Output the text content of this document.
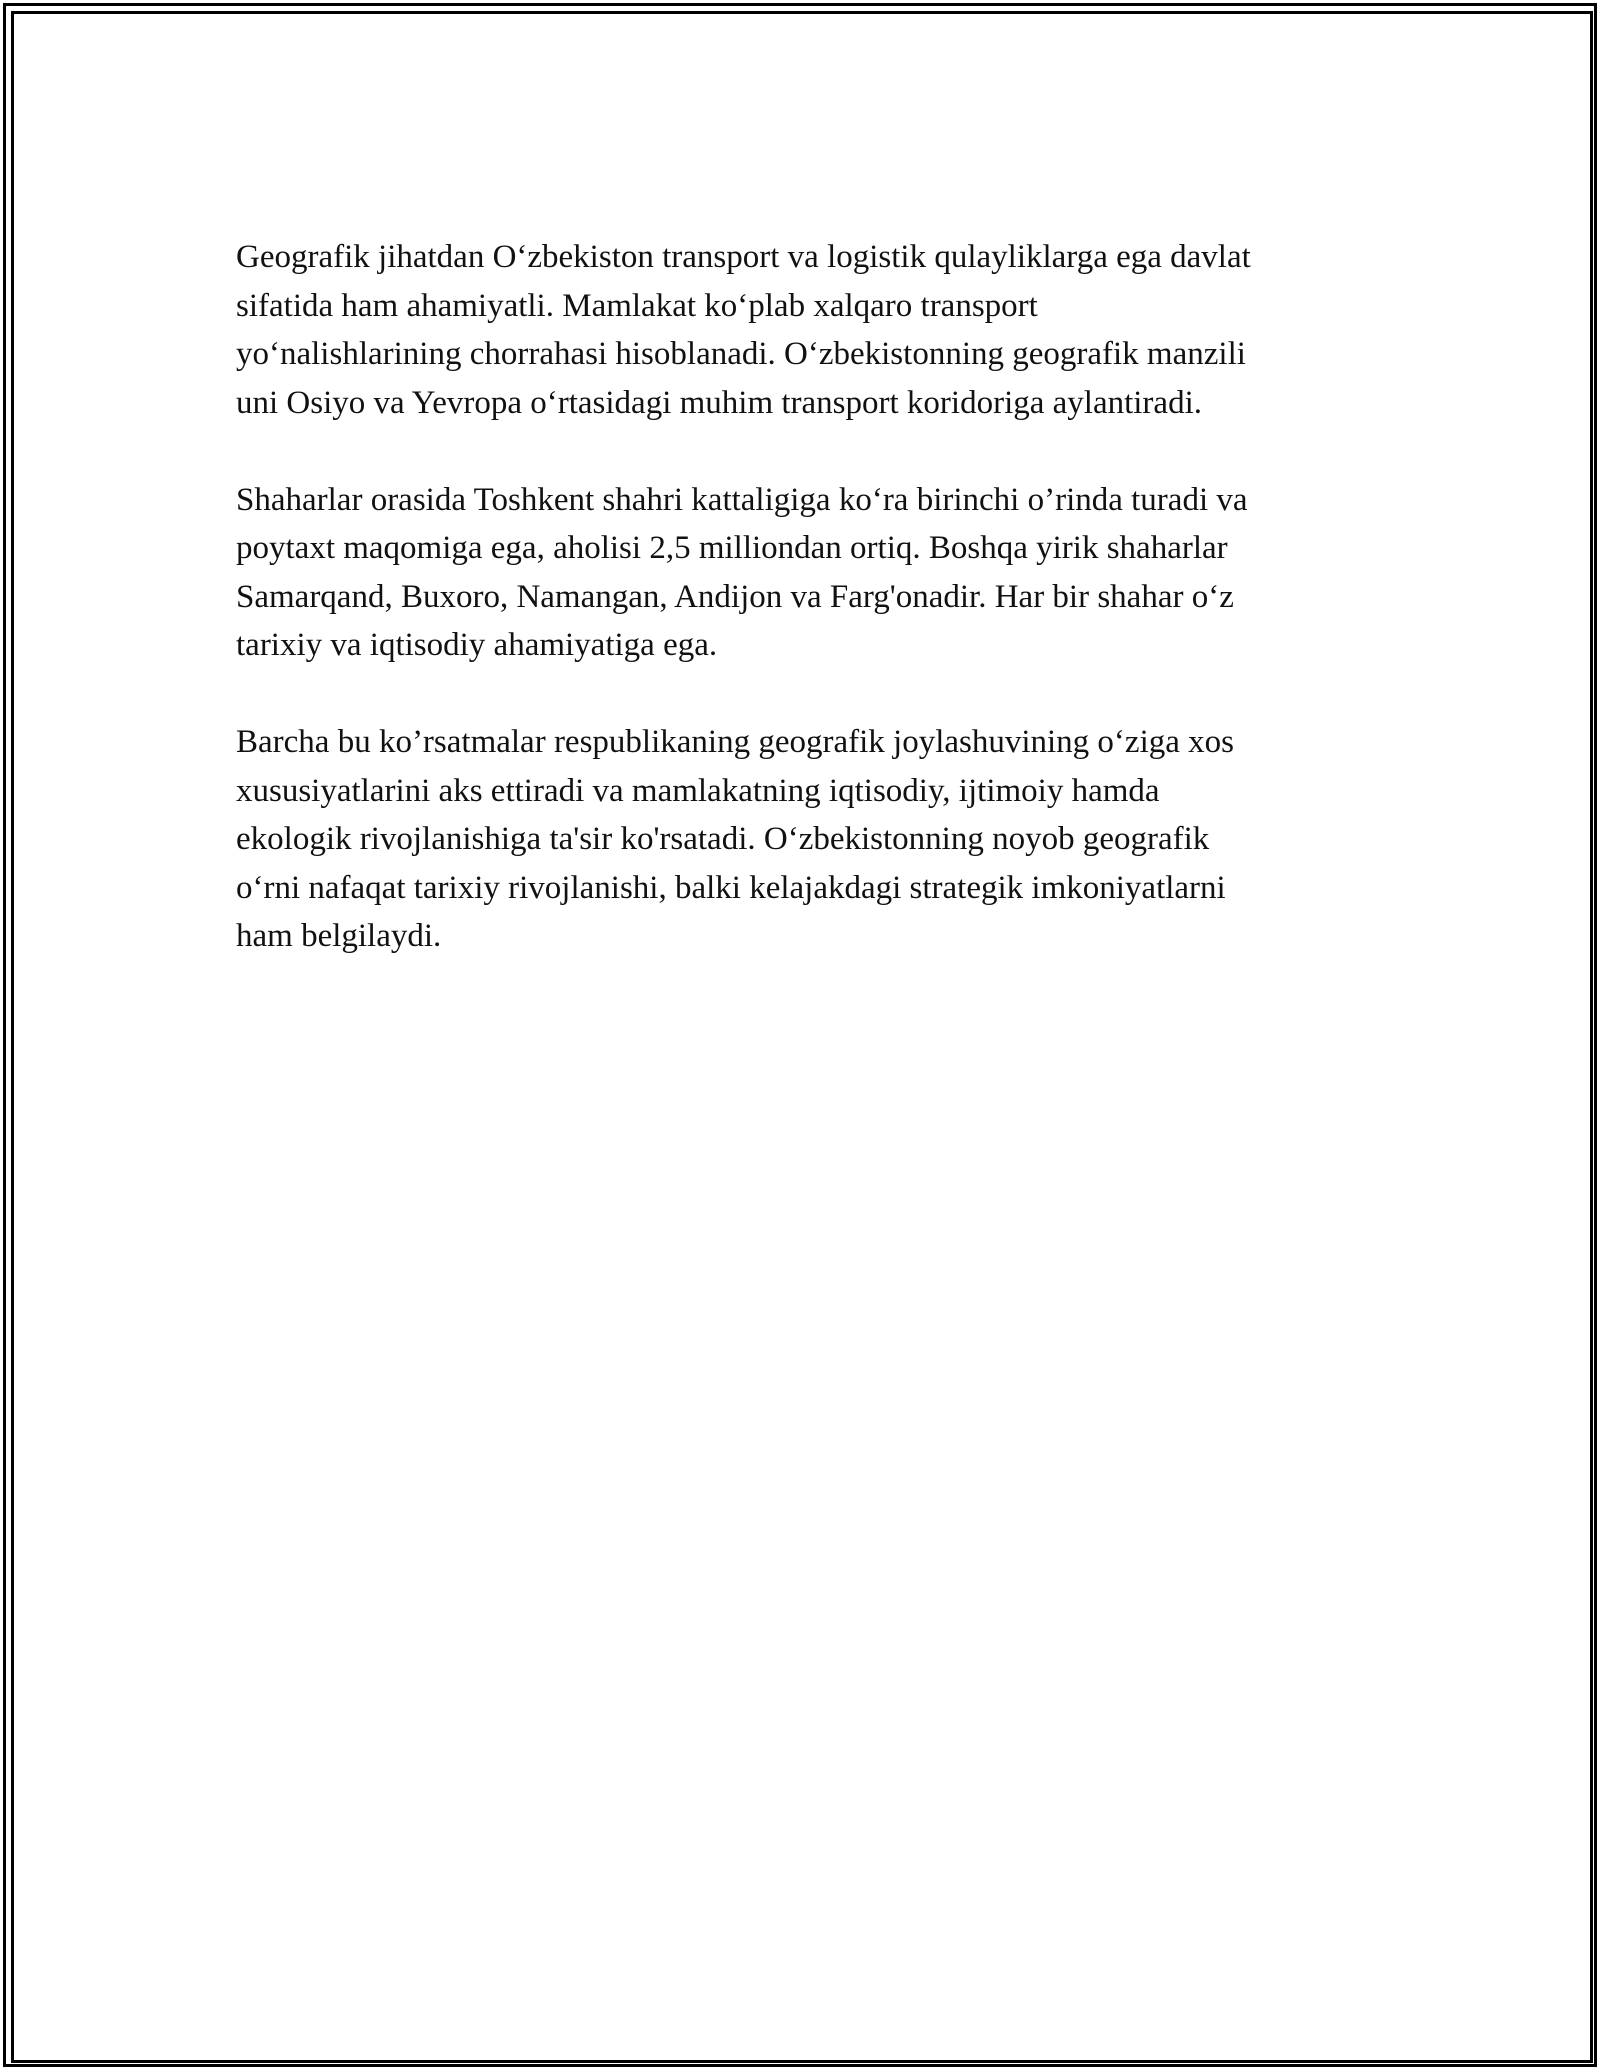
Geografik jihatdan O‘zbekiston transport va logistik qulayliklarga ega davlat
sifatida ham ahamiyatli. Mamlakat ko‘plab xalqaro transport
yo‘nalishlarining chorrahasi hisoblanadi. O‘zbekistonning geografik manzili
uni Osiyo va Yevropa o‘rtasidagi muhim transport koridoriga aylantiradi.

Shaharlar orasida Toshkent shahri kattaligiga ko‘ra birinchi o’rinda turadi va
poytaxt maqomiga ega, aholisi 2,5 milliondan ortiq. Boshqa yirik shaharlar
Samarqand, Buxoro, Namangan, Andijon va Farg'onadir. Har bir shahar o‘z
tarixiy va iqtisodiy ahamiyatiga ega.

Barcha bu ko’rsatmalar respublikaning geografik joylashuvining o‘ziga xos
xususiyatlarini aks ettiradi va mamlakatning iqtisodiy, ijtimoiy hamda
ekologik rivojlanishiga ta'sir ko'rsatadi. O‘zbekistonning noyob geografik
o‘rni nafaqat tarixiy rivojlanishi, balki kelajakdagi strategik imkoniyatlarni
ham belgilaydi.
